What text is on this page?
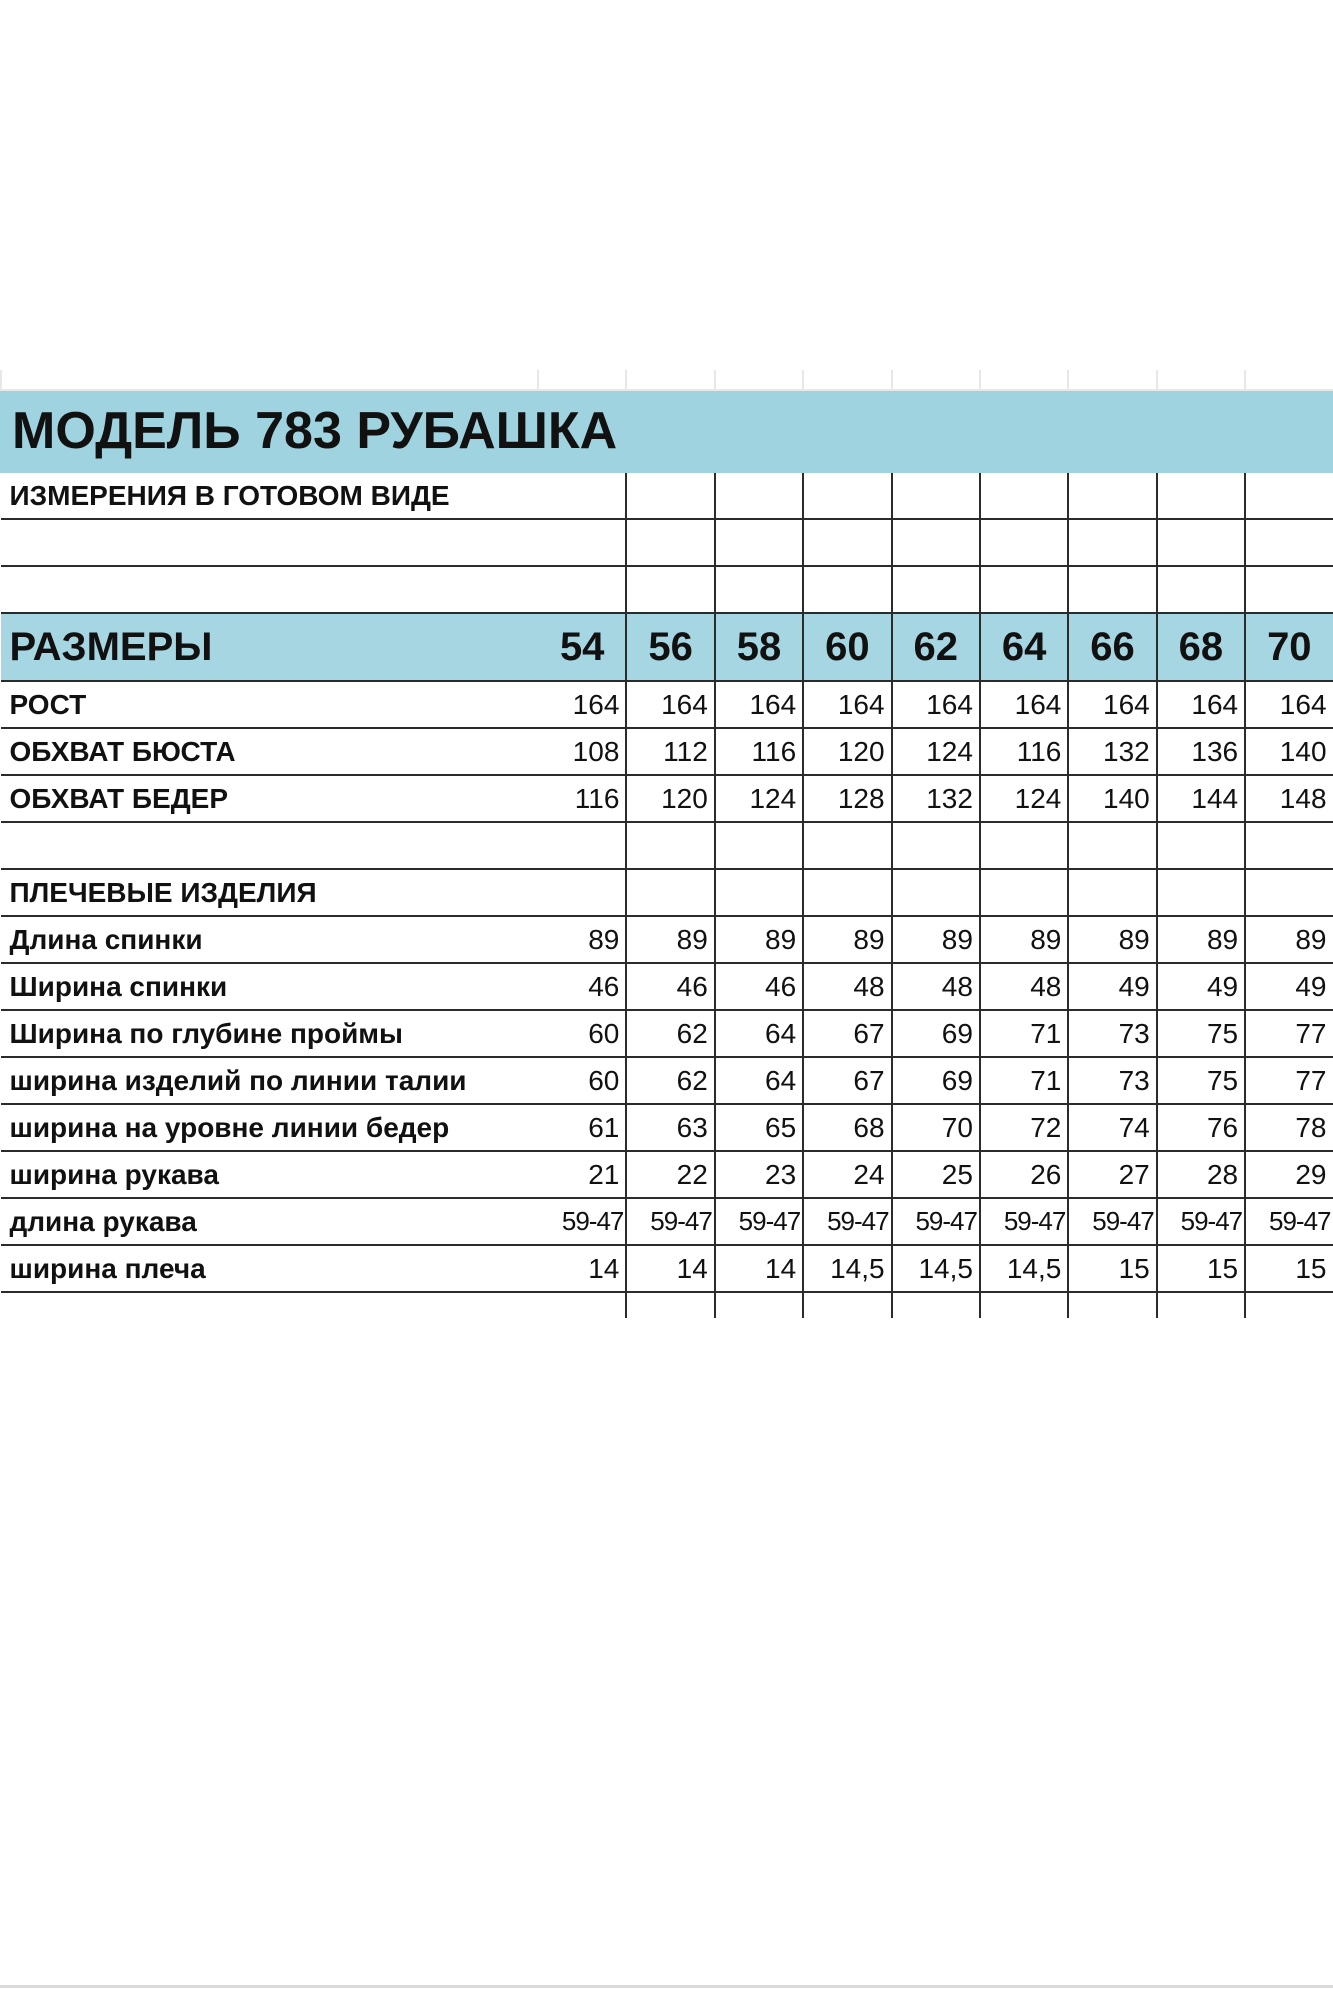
МОДЕЛЬ 783 РУБАШКА									
ИЗМЕРЕНИЯ В ГОТОВОМ ВИДЕ									

РАЗМЕРЫ	54	56	58	60	62	64	66	68	70
РОСТ	164	164	164	164	164	164	164	164	164
ОБХВАТ БЮСТА	108	112	116	120	124	116	132	136	140
ОБХВАТ БЕДЕР	116	120	124	128	132	124	140	144	148

ПЛЕЧЕВЫЕ ИЗДЕЛИЯ									
Длина спинки	89	89	89	89	89	89	89	89	89
Ширина спинки	46	46	46	48	48	48	49	49	49
Ширина по глубине проймы	60	62	64	67	69	71	73	75	77
ширина изделий по линии талии	60	62	64	67	69	71	73	75	77
ширина на уровне линии бедер	61	63	65	68	70	72	74	76	78
ширина рукава	21	22	23	24	25	26	27	28	29
длина рукава	59-47	59-47	59-47	59-47	59-47	59-47	59-47	59-47	59-47
ширина плеча	14	14	14	14,5	14,5	14,5	15	15	15
